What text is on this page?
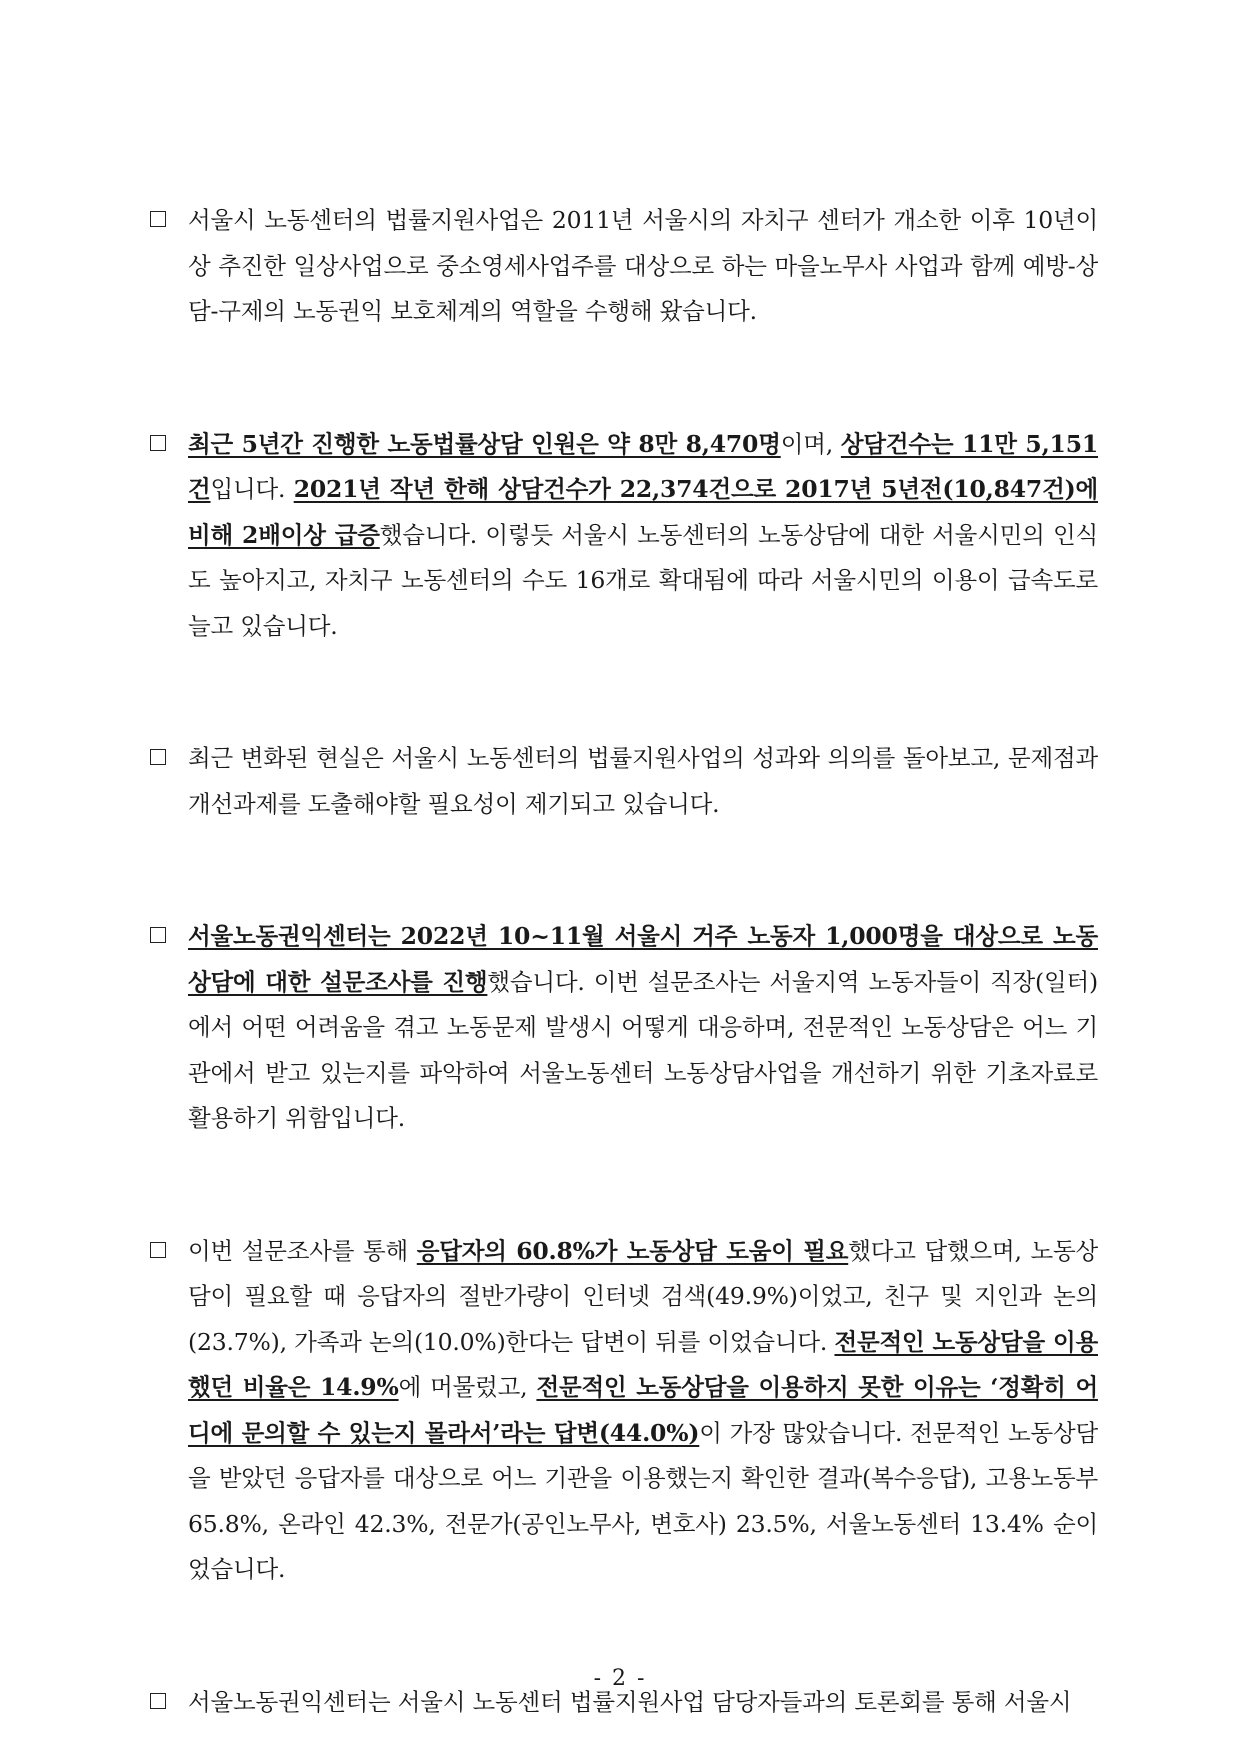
서울시 노동센터의 법률지원사업은 2011년 서울시의 자치구 센터가 개소한 이후 10년이상 추진한 일상사업으로 중소영세사업주를 대상으로 하는 마을노무사 사업과 함께 예방-상담-구제의 노동권익 보호체계의 역할을 수행해 왔습니다.

최근 5년간 진행한 노동법률상담 인원은 약 8만 8,470명이며, 상담건수는 11만 5,151건입니다. 2021년 작년 한해 상담건수가 22,374건으로 2017년 5년전(10,847건)에 비해 2배이상 급증했습니다. 이렇듯 서울시 노동센터의 노동상담에 대한 서울시민의 인식도 높아지고, 자치구 노동센터의 수도 16개로 확대됨에 따라 서울시민의 이용이 급속도로 늘고 있습니다.

최근 변화된 현실은 서울시 노동센터의 법률지원사업의 성과와 의의를 돌아보고, 문제점과 개선과제를 도출해야할 필요성이 제기되고 있습니다.

서울노동권익센터는 2022년 10~11월 서울시 거주 노동자 1,000명을 대상으로 노동상담에 대한 설문조사를 진행했습니다. 이번 설문조사는 서울지역 노동자들이 직장(일터)에서 어떤 어려움을 겪고 노동문제 발생시 어떻게 대응하며, 전문적인 노동상담은 어느 기관에서 받고 있는지를 파악하여 서울노동센터 노동상담사업을 개선하기 위한 기초자료로 활용하기 위함입니다.

이번 설문조사를 통해 응답자의 60.8%가 노동상담 도움이 필요했다고 답했으며, 노동상담이 필요할 때 응답자의 절반가량이 인터넷 검색(49.9%)이었고, 친구 및 지인과 논의(23.7%), 가족과 논의(10.0%)한다는 답변이 뒤를 이었습니다. 전문적인 노동상담을 이용했던 비율은 14.9%에 머물렀고, 전문적인 노동상담을 이용하지 못한 이유는 ‘정확히 어디에 문의할 수 있는지 몰라서’라는 답변(44.0%)이 가장 많았습니다. 전문적인 노동상담을 받았던 응답자를 대상으로 어느 기관을 이용했는지 확인한 결과(복수응답), 고용노동부 65.8%, 온라인 42.3%, 전문가(공인노무사, 변호사) 23.5%, 서울노동센터 13.4% 순이었습니다.

서울노동권익센터는 서울시 노동센터 법률지원사업 담당자들과의 토론회를 통해 서울시

- 2 -
